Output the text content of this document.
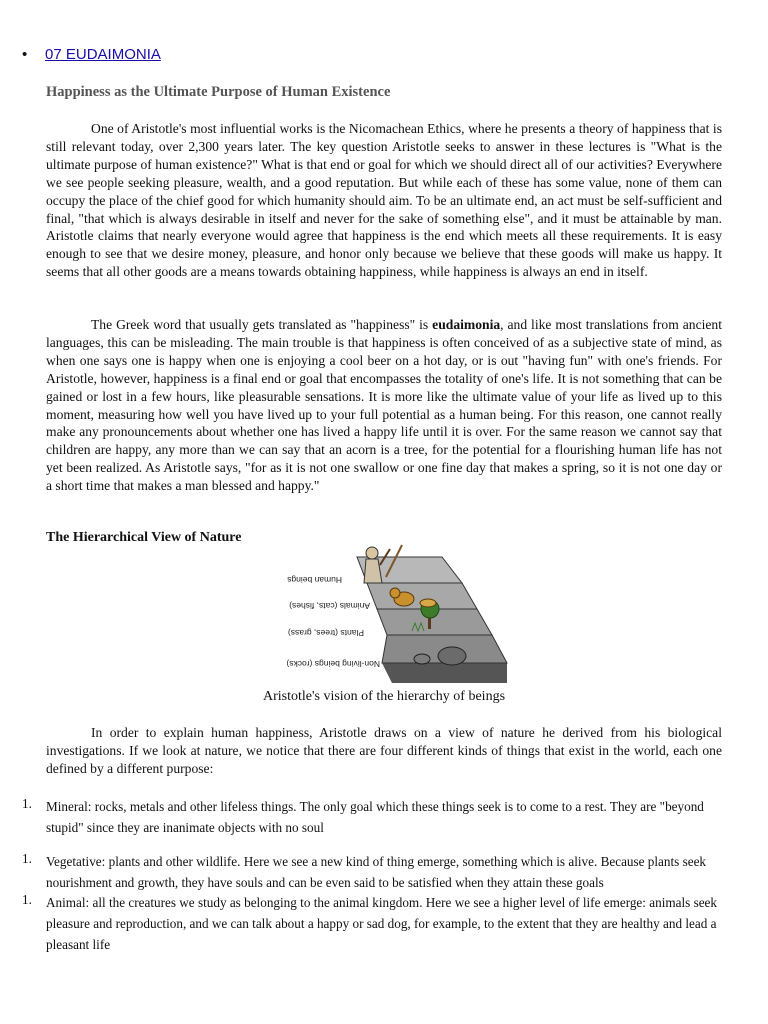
• 07 EUDAIMONIA
Happiness as the Ultimate Purpose of Human Existence
One of Aristotle's most influential works is the Nicomachean Ethics, where he presents a theory of happiness that is still relevant today, over 2,300 years later. The key question Aristotle seeks to answer in these lectures is "What is the ultimate purpose of human existence?" What is that end or goal for which we should direct all of our activities? Everywhere we see people seeking pleasure, wealth, and a good reputation. But while each of these has some value, none of them can occupy the place of the chief good for which humanity should aim. To be an ultimate end, an act must be self-sufficient and final, "that which is always desirable in itself and never for the sake of something else", and it must be attainable by man. Aristotle claims that nearly everyone would agree that happiness is the end which meets all these requirements. It is easy enough to see that we desire money, pleasure, and honor only because we believe that these goods will make us happy. It seems that all other goods are a means towards obtaining happiness, while happiness is always an end in itself.
The Greek word that usually gets translated as "happiness" is eudaimonia, and like most translations from ancient languages, this can be misleading. The main trouble is that happiness is often conceived of as a subjective state of mind, as when one says one is happy when one is enjoying a cool beer on a hot day, or is out "having fun" with one's friends. For Aristotle, however, happiness is a final end or goal that encompasses the totality of one's life. It is not something that can be gained or lost in a few hours, like pleasurable sensations. It is more like the ultimate value of your life as lived up to this moment, measuring how well you have lived up to your full potential as a human being. For this reason, one cannot really make any pronouncements about whether one has lived a happy life until it is over. For the same reason we cannot say that children are happy, any more than we can say that an acorn is a tree, for the potential for a flourishing human life has not yet been realized. As Aristotle says, "for as it is not one swallow or one fine day that makes a spring, so it is not one day or a short time that makes a man blessed and happy."
The Hierarchical View of Nature
Human beings
Animals (cats, fishes)
Plants (trees, grass)
Non-living beings (rocks)
Aristotle's vision of the hierarchy of beings
In order to explain human happiness, Aristotle draws on a view of nature he derived from his biological investigations. If we look at nature, we notice that there are four different kinds of things that exist in the world, each one defined by a different purpose:
1. Mineral: rocks, metals and other lifeless things. The only goal which these things seek is to come to a rest. They are "beyond stupid" since they are inanimate objects with no soul
1. Vegetative: plants and other wildlife. Here we see a new kind of thing emerge, something which is alive. Because plants seek nourishment and growth, they have souls and can be even said to be satisfied when they attain these goals
1. Animal: all the creatures we study as belonging to the animal kingdom. Here we see a higher level of life emerge: animals seek pleasure and reproduction, and we can talk about a happy or sad dog, for example, to the extent that they are healthy and lead a pleasant life
